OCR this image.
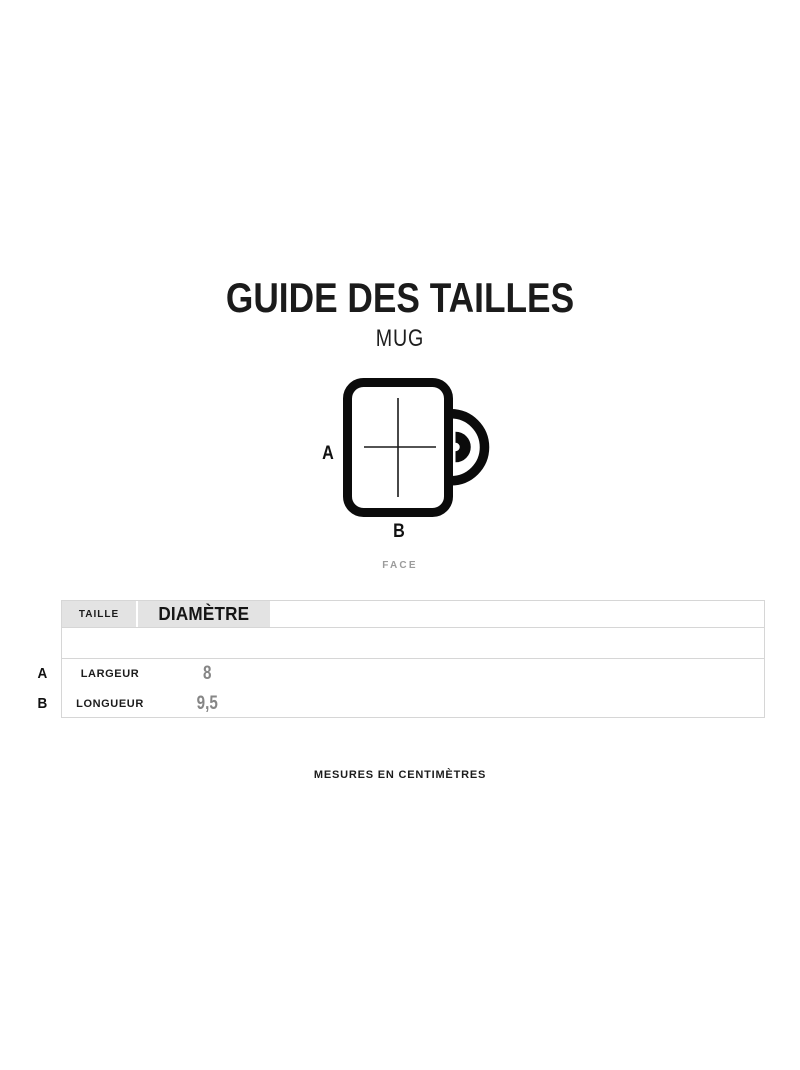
GUIDE DES TAILLES
MUG
A
B
FACE
TAILLE DIAMÈTRE
LARGEUR	8
LONGUEUR	9,5
A
B
MESURES EN CENTIMÈTRES
